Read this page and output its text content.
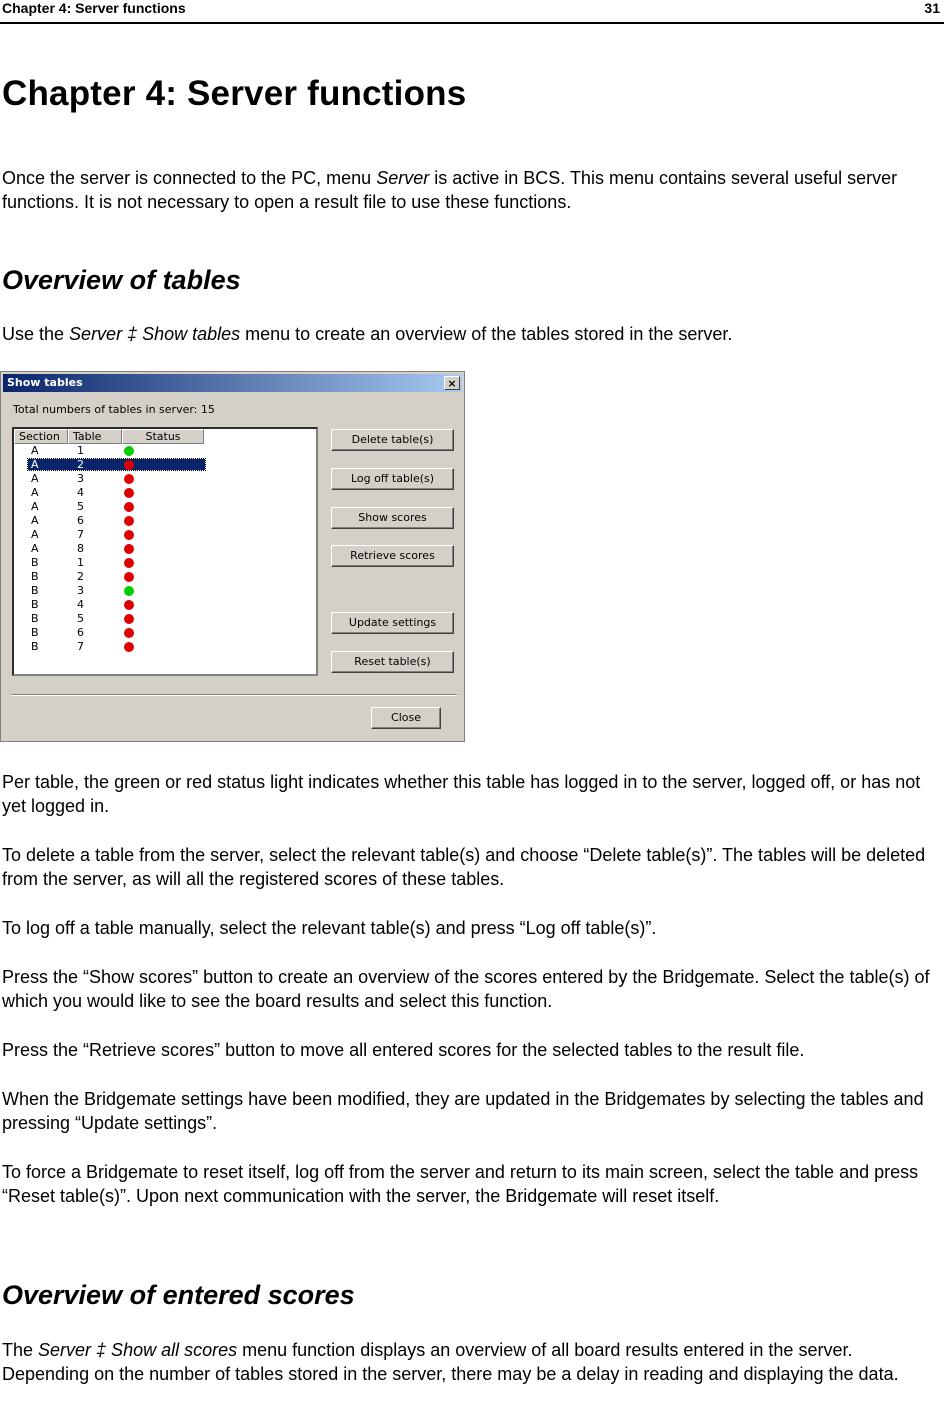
Chapter 4: Server functions	31
Chapter 4: Server functions

Once the server is connected to the PC, menu Server is active in BCS. This menu contains several useful server functions. It is not necessary to open a result file to use these functions.

Overview of tables

Use the Server ‡ Show tables menu to create an overview of the tables stored in the server.

Show tables	×
Total numbers of tables in server: 15
Section	Table	Status
A	1
A	2
A	3
A	4
A	5
A	6
A	7
A	8
B	1
B	2
B	3
B	4
B	5
B	6
B	7
Delete table(s)
Log off table(s)
Show scores
Retrieve scores
Update settings
Reset table(s)
Close

Per table, the green or red status light indicates whether this table has logged in to the server, logged off, or has not yet logged in.

To delete a table from the server, select the relevant table(s) and choose “Delete table(s)”. The tables will be deleted from the server, as will all the registered scores of these tables.

To log off a table manually, select the relevant table(s) and press “Log off table(s)”.

Press the “Show scores” button to create an overview of the scores entered by the Bridgemate. Select the table(s) of which you would like to see the board results and select this function.

Press the “Retrieve scores” button to move all entered scores for the selected tables to the result file.

When the Bridgemate settings have been modified, they are updated in the Bridgemates by selecting the tables and pressing “Update settings”.

To force a Bridgemate to reset itself, log off from the server and return to its main screen, select the table and press “Reset table(s)”. Upon next communication with the server, the Bridgemate will reset itself.

Overview of entered scores

The Server ‡ Show all scores menu function displays an overview of all board results entered in the server. Depending on the number of tables stored in the server, there may be a delay in reading and displaying the data.
